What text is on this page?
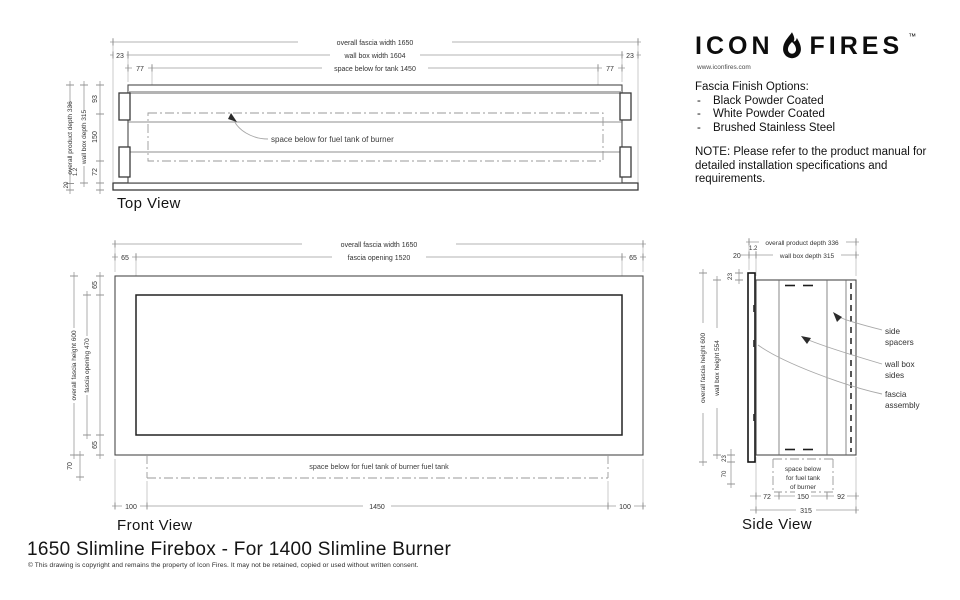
overall fascia width 1650
23	wall box width 1604	23
77	space below for tank 1450	77
overall product depth 336 1.2
20
wall box depth 315
93
150
72
space below for fuel tank of burner
Top View
overall fascia width 1650
65	fascia opening 1520	65
space below for fuel tank of burner fuel tank
65
65
overall fascia height 600 fascia opening 470
70
100	1450	100
Front View
overall product depth 336
20
1.2
wall box depth 315
23
space below
for fuel tank
of burner
overall fascia height 600 wall box height 554
23
70
72	150	92
315
side
spacers
wall box
sides
fascia
assembly
Side View
ICON FIRES ™
www.iconfires.com
Fascia Finish Options:
-	Black Powder Coated
-	White Powder Coated
-	Brushed Stainless Steel
NOTE: Please refer to the product manual for detailed installation specifications and requirements.
1650 Slimline Firebox - For 1400 Slimline Burner
© This drawing is copyright and remains the property of Icon Fires. It may not be retained, copied or used without written consent.
